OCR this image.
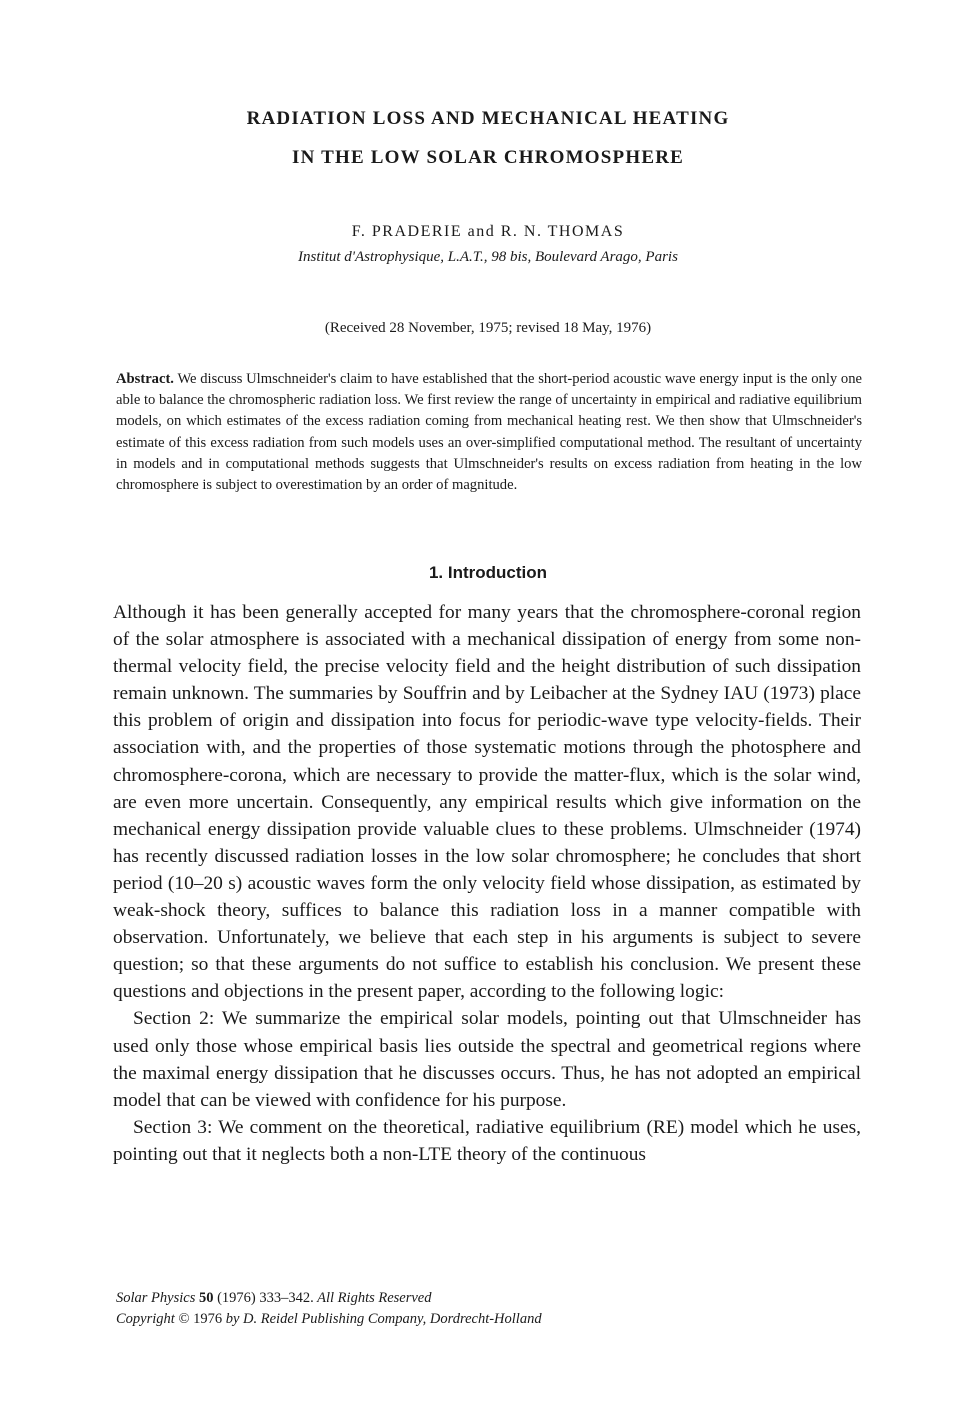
RADIATION LOSS AND MECHANICAL HEATING
IN THE LOW SOLAR CHROMOSPHERE
F. PRADERIE and R. N. THOMAS
Institut d'Astrophysique, L.A.T., 98 bis, Boulevard Arago, Paris
(Received 28 November, 1975; revised 18 May, 1976)
Abstract. We discuss Ulmschneider's claim to have established that the short-period acoustic wave energy input is the only one able to balance the chromospheric radiation loss. We first review the range of uncertainty in empirical and radiative equilibrium models, on which estimates of the excess radiation coming from mechanical heating rest. We then show that Ulmschneider's estimate of this excess radiation from such models uses an over-simplified computational method. The resultant of uncertainty in models and in computational methods suggests that Ulmschneider's results on excess radiation from heating in the low chromosphere is subject to overestimation by an order of magnitude.
1. Introduction

Although it has been generally accepted for many years that the chromosphere-coronal region of the solar atmosphere is associated with a mechanical dissipation of energy from some non-thermal velocity field, the precise velocity field and the height distribution of such dissipation remain unknown. The summaries by Souffrin and by Leibacher at the Sydney IAU (1973) place this problem of origin and dissipation into focus for periodic-wave type velocity-fields. Their association with, and the properties of those systematic motions through the photosphere and chromosphere-corona, which are necessary to provide the matter-flux, which is the solar wind, are even more uncertain. Consequently, any empirical results which give information on the mechanical energy dissipation provide valuable clues to these problems. Ulmschneider (1974) has recently discussed radiation losses in the low solar chromosphere; he concludes that short period (10–20 s) acoustic waves form the only velocity field whose dissipation, as estimated by weak-shock theory, suffices to balance this radiation loss in a manner compatible with observation. Unfortunately, we believe that each step in his arguments is subject to severe question; so that these arguments do not suffice to establish his conclusion. We present these questions and objections in the present paper, according to the following logic:

Section 2: We summarize the empirical solar models, pointing out that Ulmschneider has used only those whose empirical basis lies outside the spectral and geometrical regions where the maximal energy dissipation that he discusses occurs. Thus, he has not adopted an empirical model that can be viewed with confidence for his purpose.

Section 3: We comment on the theoretical, radiative equilibrium (RE) model which he uses, pointing out that it neglects both a non-LTE theory of the continuous

Solar Physics 50 (1976) 333–342. All Rights Reserved
Copyright © 1976 by D. Reidel Publishing Company, Dordrecht-Holland
